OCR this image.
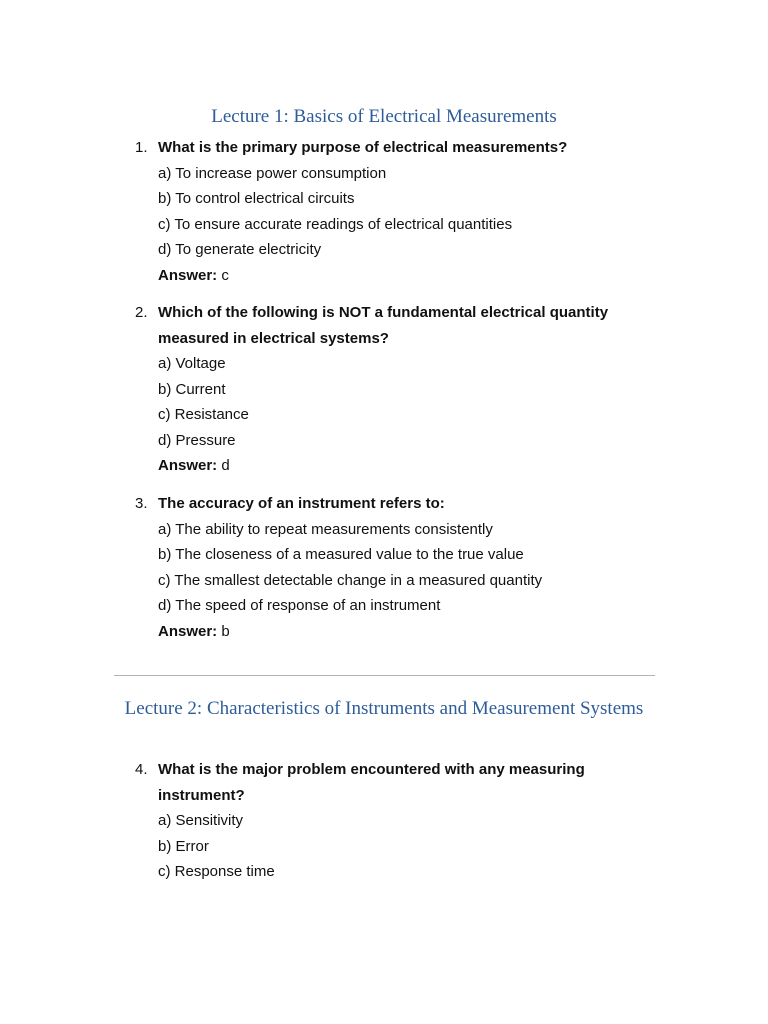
Lecture 1: Basics of Electrical Measurements
1. What is the primary purpose of electrical measurements?
a) To increase power consumption
b) To control electrical circuits
c) To ensure accurate readings of electrical quantities
d) To generate electricity
Answer: c
2. Which of the following is NOT a fundamental electrical quantity measured in electrical systems?
a) Voltage
b) Current
c) Resistance
d) Pressure
Answer: d
3. The accuracy of an instrument refers to:
a) The ability to repeat measurements consistently
b) The closeness of a measured value to the true value
c) The smallest detectable change in a measured quantity
d) The speed of response of an instrument
Answer: b
Lecture 2: Characteristics of Instruments and Measurement Systems
4. What is the major problem encountered with any measuring instrument?
a) Sensitivity
b) Error
c) Response time
